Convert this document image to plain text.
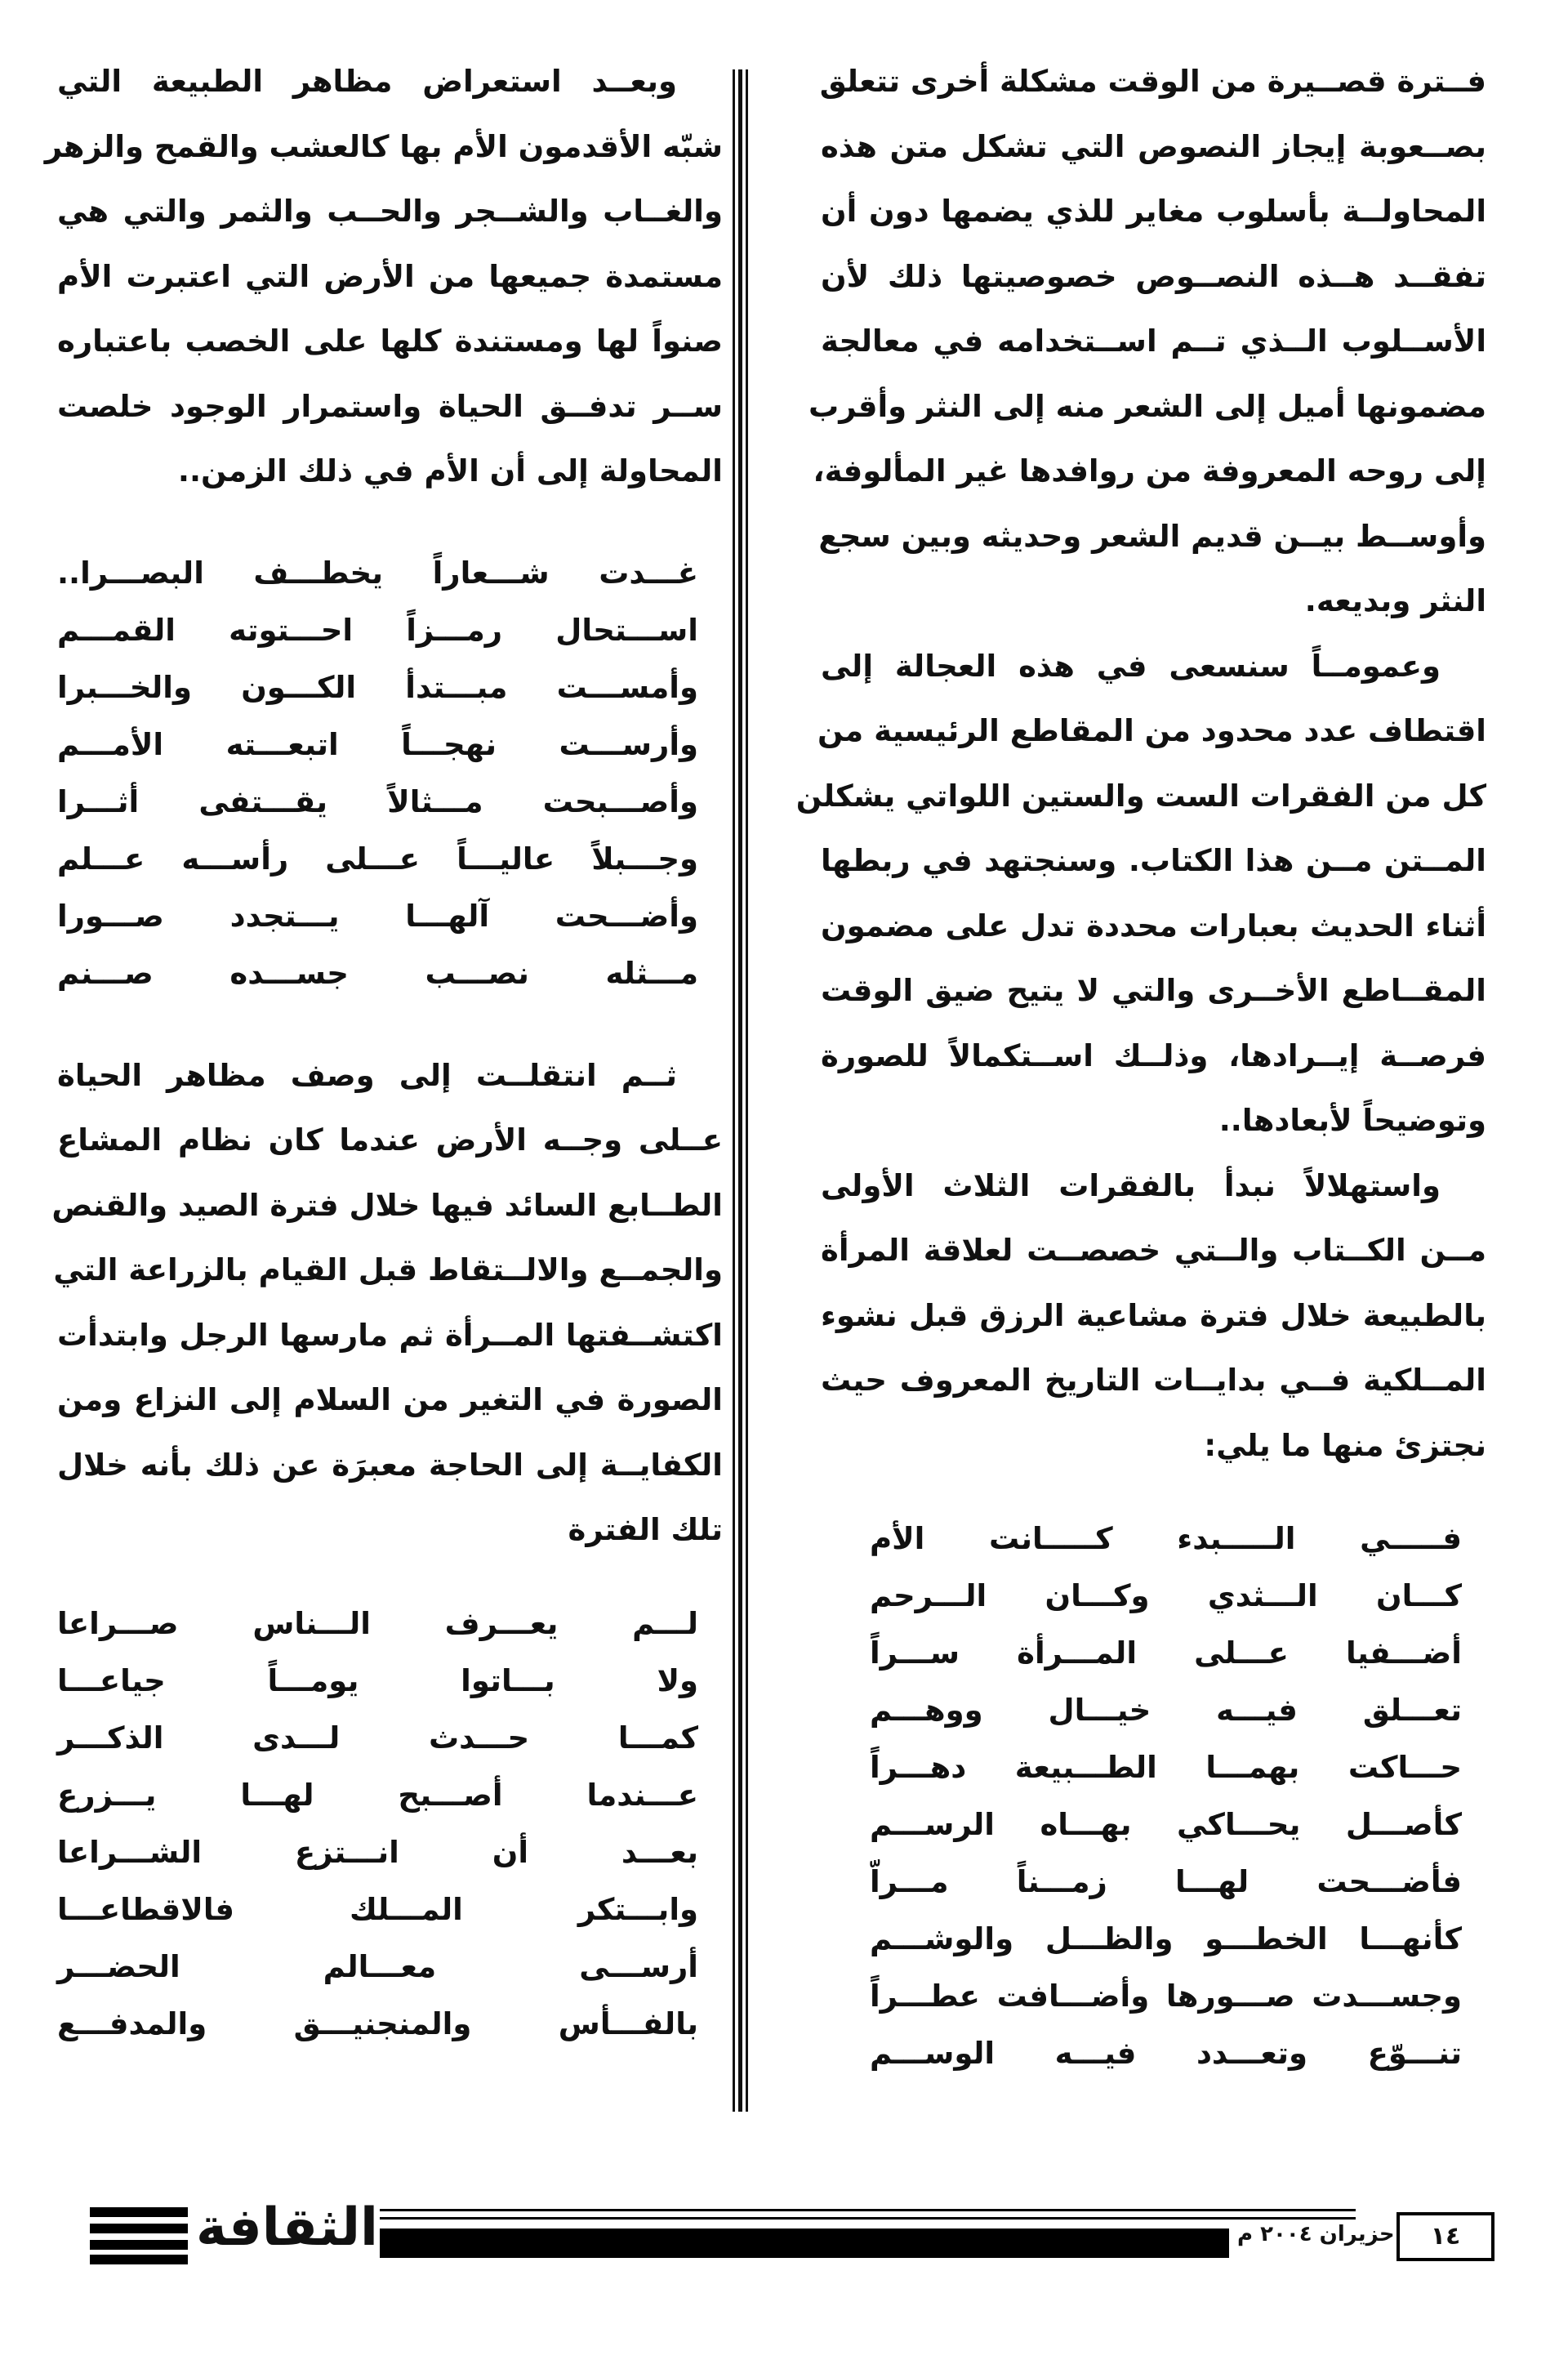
فــترة قصــيرة من الوقت مشكلة أخرى تتعلق
بصــعوبة إيجاز النصوص التي تشكل متن هذه
المحاولــة بأسلوب مغاير للذي يضمها دون أن
تفقــد هــذه النصــوص خصوصيتها ذلك لأن
الأســلوب الــذي تــم اســتخدامه في معالجة
مضمونها أميل إلى الشعر منه إلى النثر وأقرب
إلى روحه المعروفة من روافدها غير المألوفة،
وأوســط بيــن قديم الشعر وحديثه وبين سجع
النثر وبديعه.
وعمومــاً سنسعى في هذه العجالة إلى
اقتطاف عدد محدود من المقاطع الرئيسية من
كل من الفقرات الست والستين اللواتي يشكلن
المــتن مــن هذا الكتاب. وسنجتهد في ربطها
أثناء الحديث بعبارات محددة تدل على مضمون
المقــاطع الأخــرى والتي لا يتيح ضيق الوقت
فرصــة إيــرادها، وذلــك اســتكمالاً للصورة
وتوضيحاً لأبعادها..
واستهلالاً نبدأ بالفقرات الثلاث الأولى
مــن الكــتاب والــتي خصصــت لعلاقة المرأة
بالطبيعة خلال فترة مشاعية الرزق قبل نشوء
المــلكية فــي بدايــات التاريخ المعروف حيث
نجتزئ منها ما يلي:
فـــــي الـــــبدء كـــــانت الأم
كـــان الـــثدي وكـــان الـــرحم
أضـــفيا عـــلى المـــرأة ســـراً
تعـــلق فيـــه خيـــال ووهـــم
حـــاكت بهمـــا الطـــبيعة دهـــراً
كأصـــل يحـــاكي بهـــاه الرســـم
فأضـــحت لهـــا زمـــناً مـــراّ
كأنهـــا الخطـــو والظـــل والوشـــم
وجســـدت صـــورها وأضـــافت عطـــراً
تنـــوّع وتعـــدد فيـــه الوســـم
وبعــد استعراض مظاهر الطبيعة التي
شبّه الأقدمون الأم بها كالعشب والقمح والزهر
والغــاب والشــجر والحــب والثمر والتي هي
مستمدة جميعها من الأرض التي اعتبرت الأم
صنواً لها ومستندة كلها على الخصب باعتباره
ســر تدفــق الحياة واستمرار الوجود خلصت
المحاولة إلى أن الأم في ذلك الزمن..
غـــدت شـــعاراً يخطـــف البصـــرا..
اســـتحال رمـــزاً احـــتوته القمـــم
وأمســـت مبـــتدأ الكـــون والخـــبرا
وأرســـت نهجـــاً اتبعـــته الأمـــم
وأصـــبحت مـــثالاً يقـــتفى أثـــرا
وجـــبلاً عاليـــاً عـــلى رأســـه عـــلم
وأضـــحت آلهـــا يـــتجدد صـــورا
مـــثله نصـــب جســـده صـــنم
ثــم انتقلــت إلى وصف مظاهر الحياة
عــلى وجــه الأرض عندما كان نظام المشاع
الطــابع السائد فيها خلال فترة الصيد والقنص
والجمــع والالــتقاط قبل القيام بالزراعة التي
اكتشــفتها المــرأة ثم مارسها الرجل وابتدأت
الصورة في التغير من السلام إلى النزاع ومن
الكفايــة إلى الحاجة معبرَة عن ذلك بأنه خلال
تلك الفترة
لـــم يعـــرف الـــناس صـــراعا
ولا بـــاتوا يومـــاً جياعـــا
كمـــا حـــدث لـــدى الذكـــر
عـــندما أصـــبح لهـــا يـــزرع
بعـــد أن انـــتزع الشـــراعا
وابـــتكر المـــلك فالاقطاعـــا
أرســـى معـــالم الحضـــر
بالفـــأس والمنجنيـــق والمدفـــع
الثقافة	حزيران ٢٠٠٤ م	١٤
